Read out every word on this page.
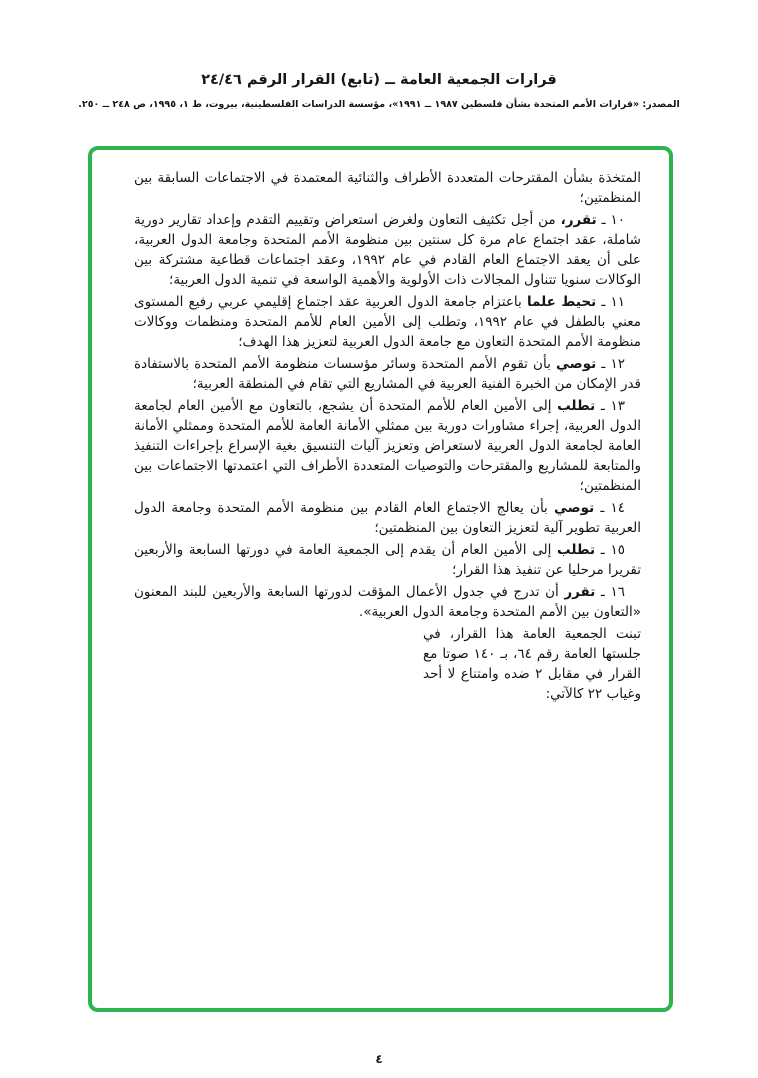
قرارات الجمعية العامة ــ (تابع) القرار الرقم ٢٤/٤٦
المصدر: «قرارات الأمم المتحدة بشأن فلسطين ١٩٨٧ ــ ١٩٩١»، مؤسسة الدراسات الفلسطينية، بيروت، ط ١، ١٩٩٥، ص ٢٤٨ ــ ٢٥٠.

المتخذة بشأن المقترحات المتعددة الأطراف والثنائية المعتمدة في الاجتماعات السابقة بين المنظمتين؛

١٠ ـ تقرر، من أجل تكثيف التعاون ولغرض استعراض وتقييم التقدم وإعداد تقارير دورية شاملة، عقد اجتماع عام مرة كل سنتين بين منظومة الأمم المتحدة وجامعة الدول العربية، على أن يعقد الاجتماع العام القادم في عام ١٩٩٢، وعقد اجتماعات قطاعية مشتركة بين الوكالات سنويا تتناول المجالات ذات الأولوية والأهمية الواسعة في تنمية الدول العربية؛

١١ ـ تحيط علما باعتزام جامعة الدول العربية عقد اجتماع إقليمي عربي رفيع المستوى معني بالطفل في عام ١٩٩٢، وتطلب إلى الأمين العام للأمم المتحدة ومنظمات ووكالات منظومة الأمم المتحدة التعاون مع جامعة الدول العربية لتعزيز هذا الهدف؛

١٢ ـ توصي بأن تقوم الأمم المتحدة وسائر مؤسسات منظومة الأمم المتحدة بالاستفادة قدر الإمكان من الخبرة الفنية العربية في المشاريع التي تقام في المنطقة العربية؛

١٣ ـ تطلب إلى الأمين العام للأمم المتحدة أن يشجع، بالتعاون مع الأمين العام لجامعة الدول العربية، إجراء مشاورات دورية بين ممثلي الأمانة العامة للأمم المتحدة وممثلي الأمانة العامة لجامعة الدول العربية لاستعراض وتعزيز آليات التنسيق بغية الإسراع بإجراءات التنفيذ والمتابعة للمشاريع والمقترحات والتوصيات المتعددة الأطراف التي اعتمدتها الاجتماعات بين المنظمتين؛

١٤ ـ توصي بأن يعالج الاجتماع العام القادم بين منظومة الأمم المتحدة وجامعة الدول العربية تطوير آلية لتعزيز التعاون بين المنظمتين؛

١٥ ـ تطلب إلى الأمين العام أن يقدم إلى الجمعية العامة في دورتها السابعة والأربعين تقريرا مرحليا عن تنفيذ هذا القرار؛

١٦ ـ تقرر أن تدرج في جدول الأعمال المؤقت لدورتها السابعة والأربعين للبند المعنون «التعاون بين الأمم المتحدة وجامعة الدول العربية».

تبنت الجمعية العامة هذا القرار، في جلستها العامة رقم ٦٤، بـ ١٤٠ صوتا مع القرار في مقابل ٢ ضده وامتناع لا أحد وغياب ٢٢ كالآتي:

٤
